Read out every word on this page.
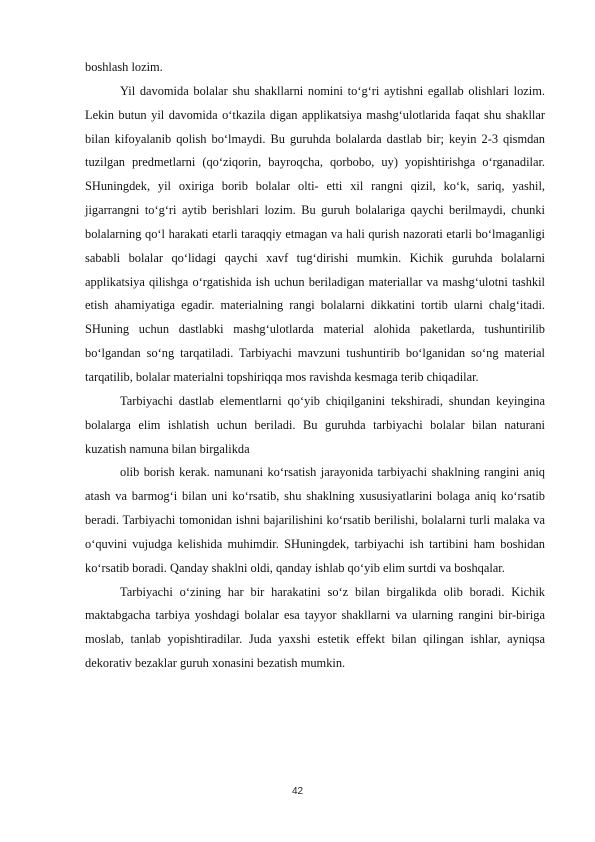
boshlash lozim.

Yil davomida bolalar shu shakllarni nomini to‘g‘ri aytishni egallab olishlari lozim. Lekin butun yil davomida o‘tkazila digan applikatsiya mashg‘ulotlarida faqat shu shakllar bilan kifoyalanib qolish bo‘lmaydi. Bu guruhda bolalarda dastlab bir; keyin 2-3 qismdan tuzilgan predmetlarni (qo‘ziqorin, bayroqcha, qorbobo, uy) yopishtirishga o‘rganadilar. SHuningdek, yil oxiriga borib bolalar olti- etti xil rangni qizil, ko‘k, sariq, yashil, jigarrangni to‘g‘ri aytib berishlari lozim. Bu guruh bolalariga qaychi berilmaydi, chunki bolalarning qo‘l harakati etarli taraqqiy etmagan va hali qurish nazorati etarli bo‘lmaganligi sababli bolalar qo‘lidagi qaychi xavf tug‘dirishi mumkin. Kichik guruhda bolalarni applikatsiya qilishga o‘rgatishida ish uchun beriladigan materiallar va mashg‘ulotni tashkil etish ahamiyatiga egadir. materialning rangi bolalarni dikkatini tortib ularni chalg‘itadi. SHuning uchun dastlabki mashg‘ulotlarda material alohida paketlarda, tushuntirilib bo‘lgandan so‘ng tarqatiladi. Tarbiyachi mavzuni tushuntirib bo‘lganidan so‘ng material tarqatilib, bolalar materialni topshiriqqa mos ravishda kesmaga terib chiqadilar.

Tarbiyachi dastlab elementlarni qo‘yib chiqilganini tekshiradi, shundan keyingina bolalarga elim ishlatish uchun beriladi. Bu guruhda tarbiyachi bolalar bilan naturani kuzatish namuna bilan birgalikda

olib borish kerak. namunani ko‘rsatish jarayonida tarbiyachi shaklning rangini aniq atash va barmog‘i bilan uni ko‘rsatib, shu shaklning xususiyatlarini bolaga aniq ko‘rsatib beradi. Tarbiyachi tomonidan ishni bajarilishini ko‘rsatib berilishi, bolalarni turli malaka va o‘quvini vujudga kelishida muhimdir. SHuningdek, tarbiyachi ish tartibini ham boshidan ko‘rsatib boradi. Qanday shaklni oldi, qanday ishlab qo‘yib elim surtdi va boshqalar.

Tarbiyachi o‘zining har bir harakatini so‘z bilan birgalikda olib boradi. Kichik maktabgacha tarbiya yoshdagi bolalar esa tayyor shakllarni va ularning rangini bir-biriga moslab, tanlab yopishtiradilar. Juda yaxshi estetik effekt bilan qilingan ishlar, ayniqsa dekorativ bezaklar guruh xonasini bezatish mumkin.

42
